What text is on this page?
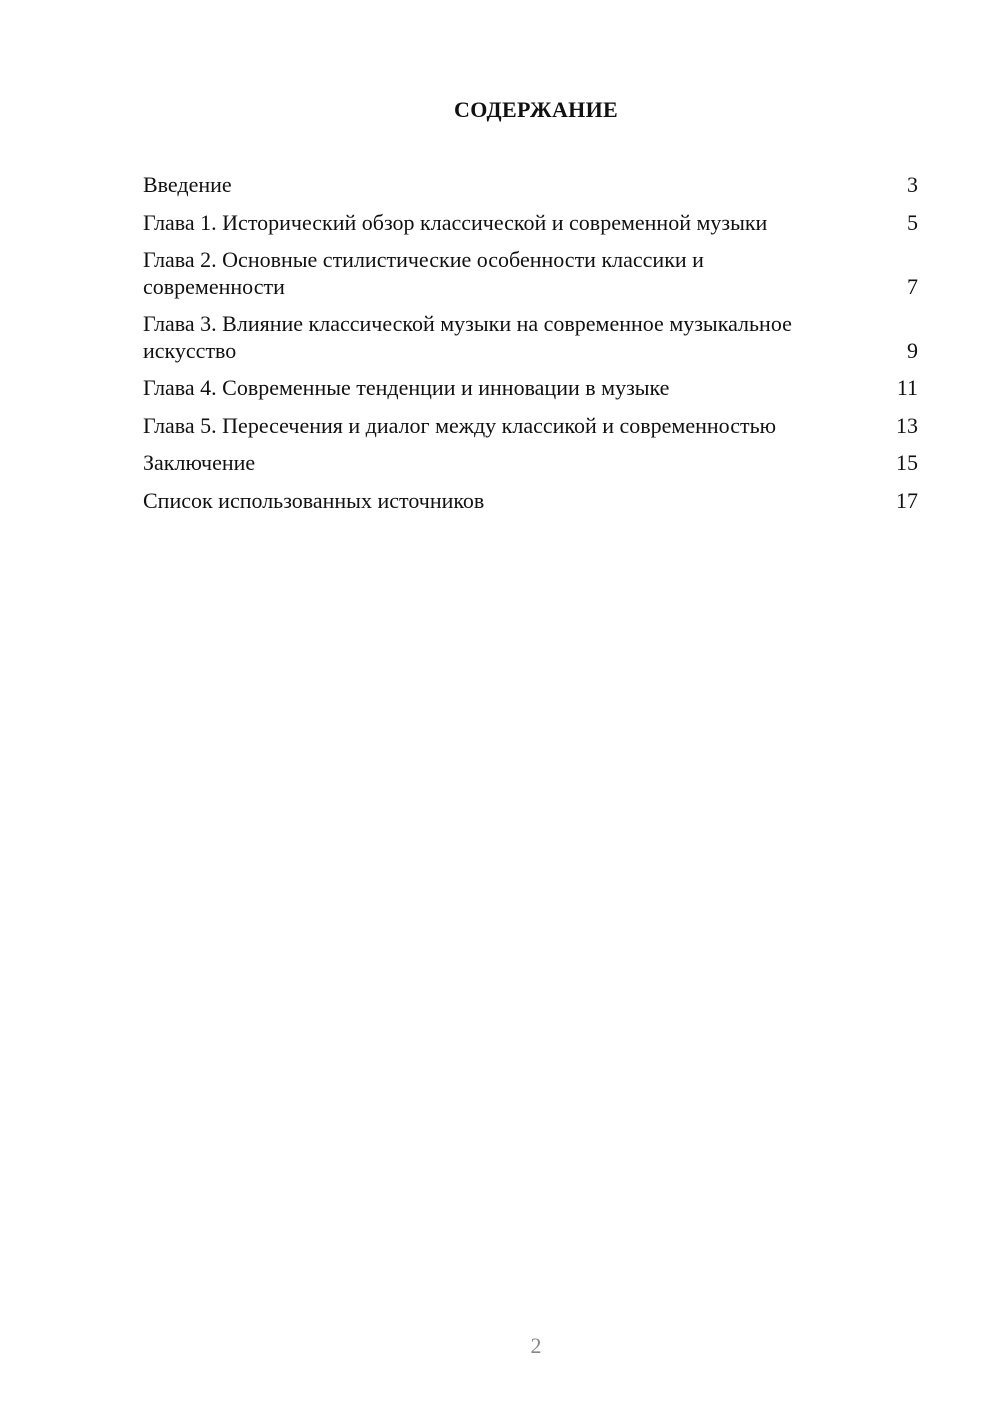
СОДЕРЖАНИЕ
Введение	3
Глава 1. Исторический обзор классической и современной музыки	5
Глава 2. Основные стилистические особенности классики и современности	7
Глава 3. Влияние классической музыки на современное музыкальное искусство	9
Глава 4. Современные тенденции и инновации в музыке	11
Глава 5. Пересечения и диалог между классикой и современностью	13
Заключение	15
Список использованных источников	17
2
